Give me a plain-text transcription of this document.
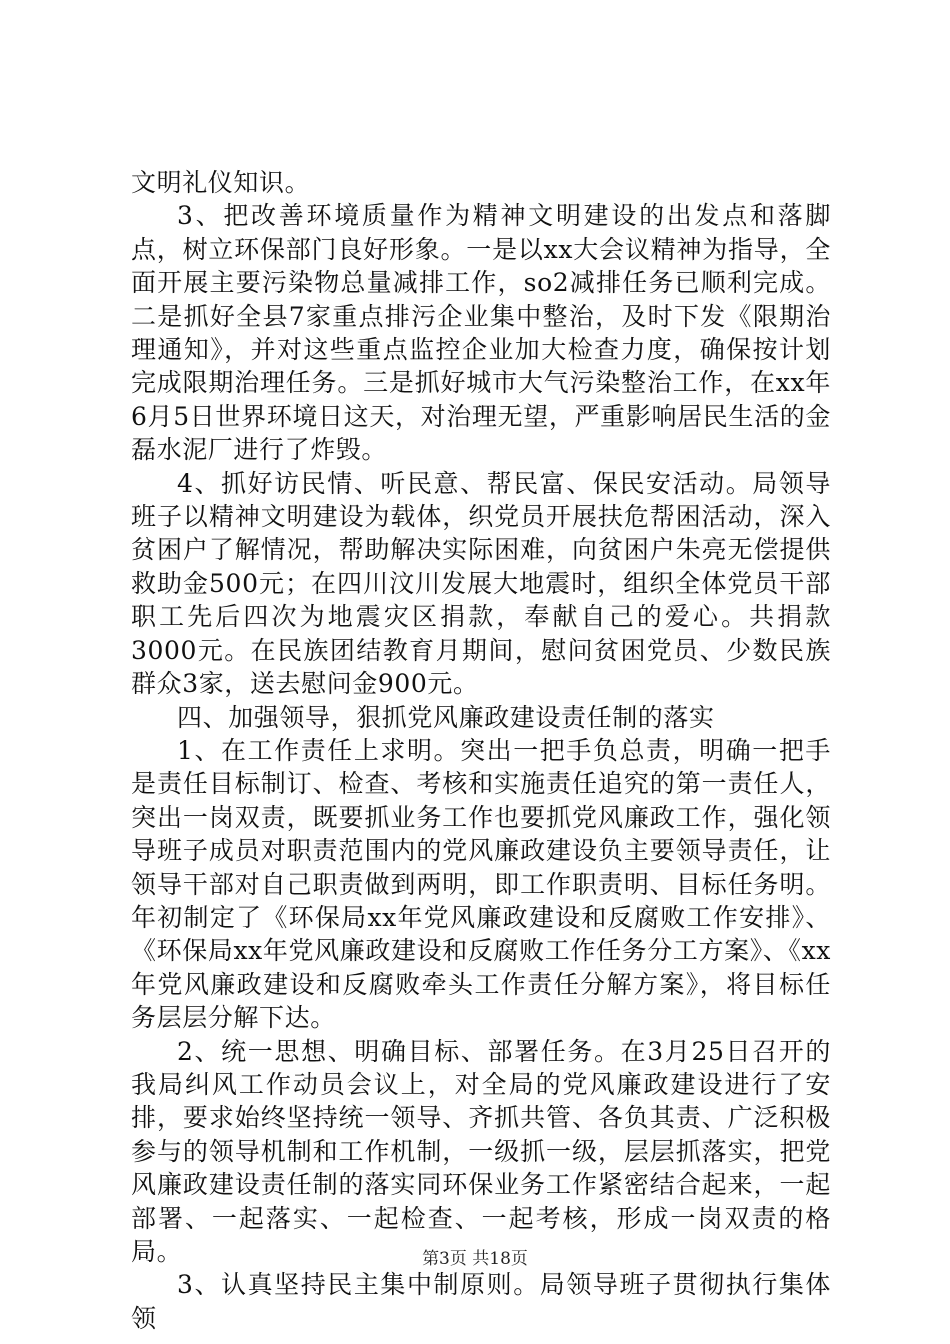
文明礼仪知识。

3、把改善环境质量作为精神文明建设的出发点和落脚点，树立环保部门良好形象。一是以xx大会议精神为指导，全面开展主要污染物总量减排工作，so2减排任务已顺利完成。二是抓好全县7家重点排污企业集中整治，及时下发《限期治理通知》，并对这些重点监控企业加大检查力度，确保按计划完成限期治理任务。三是抓好城市大气污染整治工作，在xx年6月5日世界环境日这天，对治理无望，严重影响居民生活的金磊水泥厂进行了炸毁。

4、抓好访民情、听民意、帮民富、保民安活动。局领导班子以精神文明建设为载体，织党员开展扶危帮困活动，深入贫困户了解情况，帮助解决实际困难，向贫困户朱亮无偿提供救助金500元；在四川汶川发展大地震时，组织全体党员干部职工先后四次为地震灾区捐款，奉献自己的爱心。共捐款3000元。在民族团结教育月期间，慰问贫困党员、少数民族群众3家，送去慰问金900元。

四、加强领导，狠抓党风廉政建设责任制的落实

1、在工作责任上求明。突出一把手负总责，明确一把手是责任目标制订、检查、考核和实施责任追究的第一责任人，突出一岗双责，既要抓业务工作也要抓党风廉政工作，强化领导班子成员对职责范围内的党风廉政建设负主要领导责任，让领导干部对自己职责做到两明，即工作职责明、目标任务明。年初制定了《环保局xx年党风廉政建设和反腐败工作安排》、《环保局xx年党风廉政建设和反腐败工作任务分工方案》、《xx年党风廉政建设和反腐败牵头工作责任分解方案》，将目标任务层层分解下达。

2、统一思想、明确目标、部署任务。在3月25日召开的我局纠风工作动员会议上，对全局的党风廉政建设进行了安排，要求始终坚持统一领导、齐抓共管、各负其责、广泛积极参与的领导机制和工作机制，一级抓一级，层层抓落实，把党风廉政建设责任制的落实同环保业务工作紧密结合起来，一起部署、一起落实、一起检查、一起考核，形成一岗双责的格局。

3、认真坚持民主集中制原则。局领导班子贯彻执行集体领

第3页 共18页
